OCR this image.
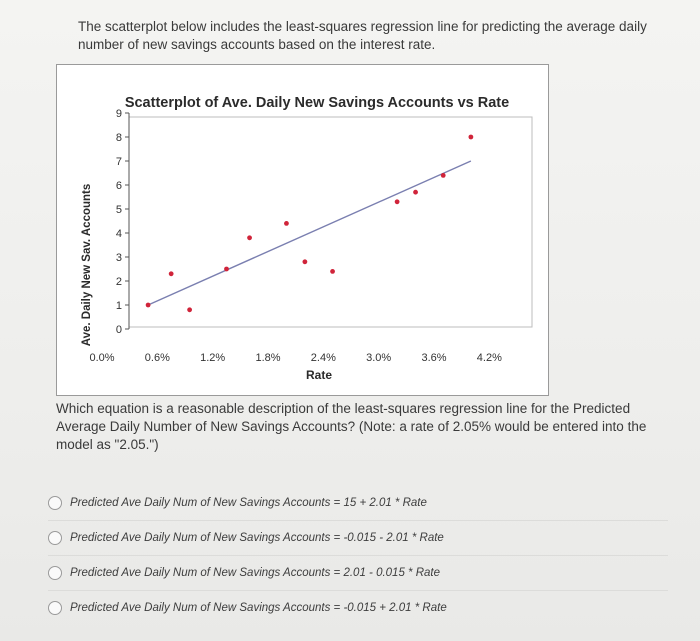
The scatterplot below includes the least-squares regression line for predicting the average daily number of new savings accounts based on the interest rate.
Scatterplot of Ave. Daily New Savings Accounts vs Rate
Ave. Daily New Sav. Accounts
Rate
0
1
2
3
4
5
6
7
8
9
0.0%	0.6%	1.2%	1.8%	2.4%	3.0%	3.6%	4.2%
Which equation is a reasonable description of the least-squares regression line for the Predicted Average Daily Number of New Savings Accounts? (Note: a rate of 2.05% would be entered into the model as "2.05.")
Predicted Ave Daily Num of New Savings Accounts = 15 + 2.01 * Rate
Predicted Ave Daily Num of New Savings Accounts = -0.015 - 2.01 * Rate
Predicted Ave Daily Num of New Savings Accounts = 2.01 - 0.015 * Rate
Predicted Ave Daily Num of New Savings Accounts = -0.015 + 2.01 * Rate
